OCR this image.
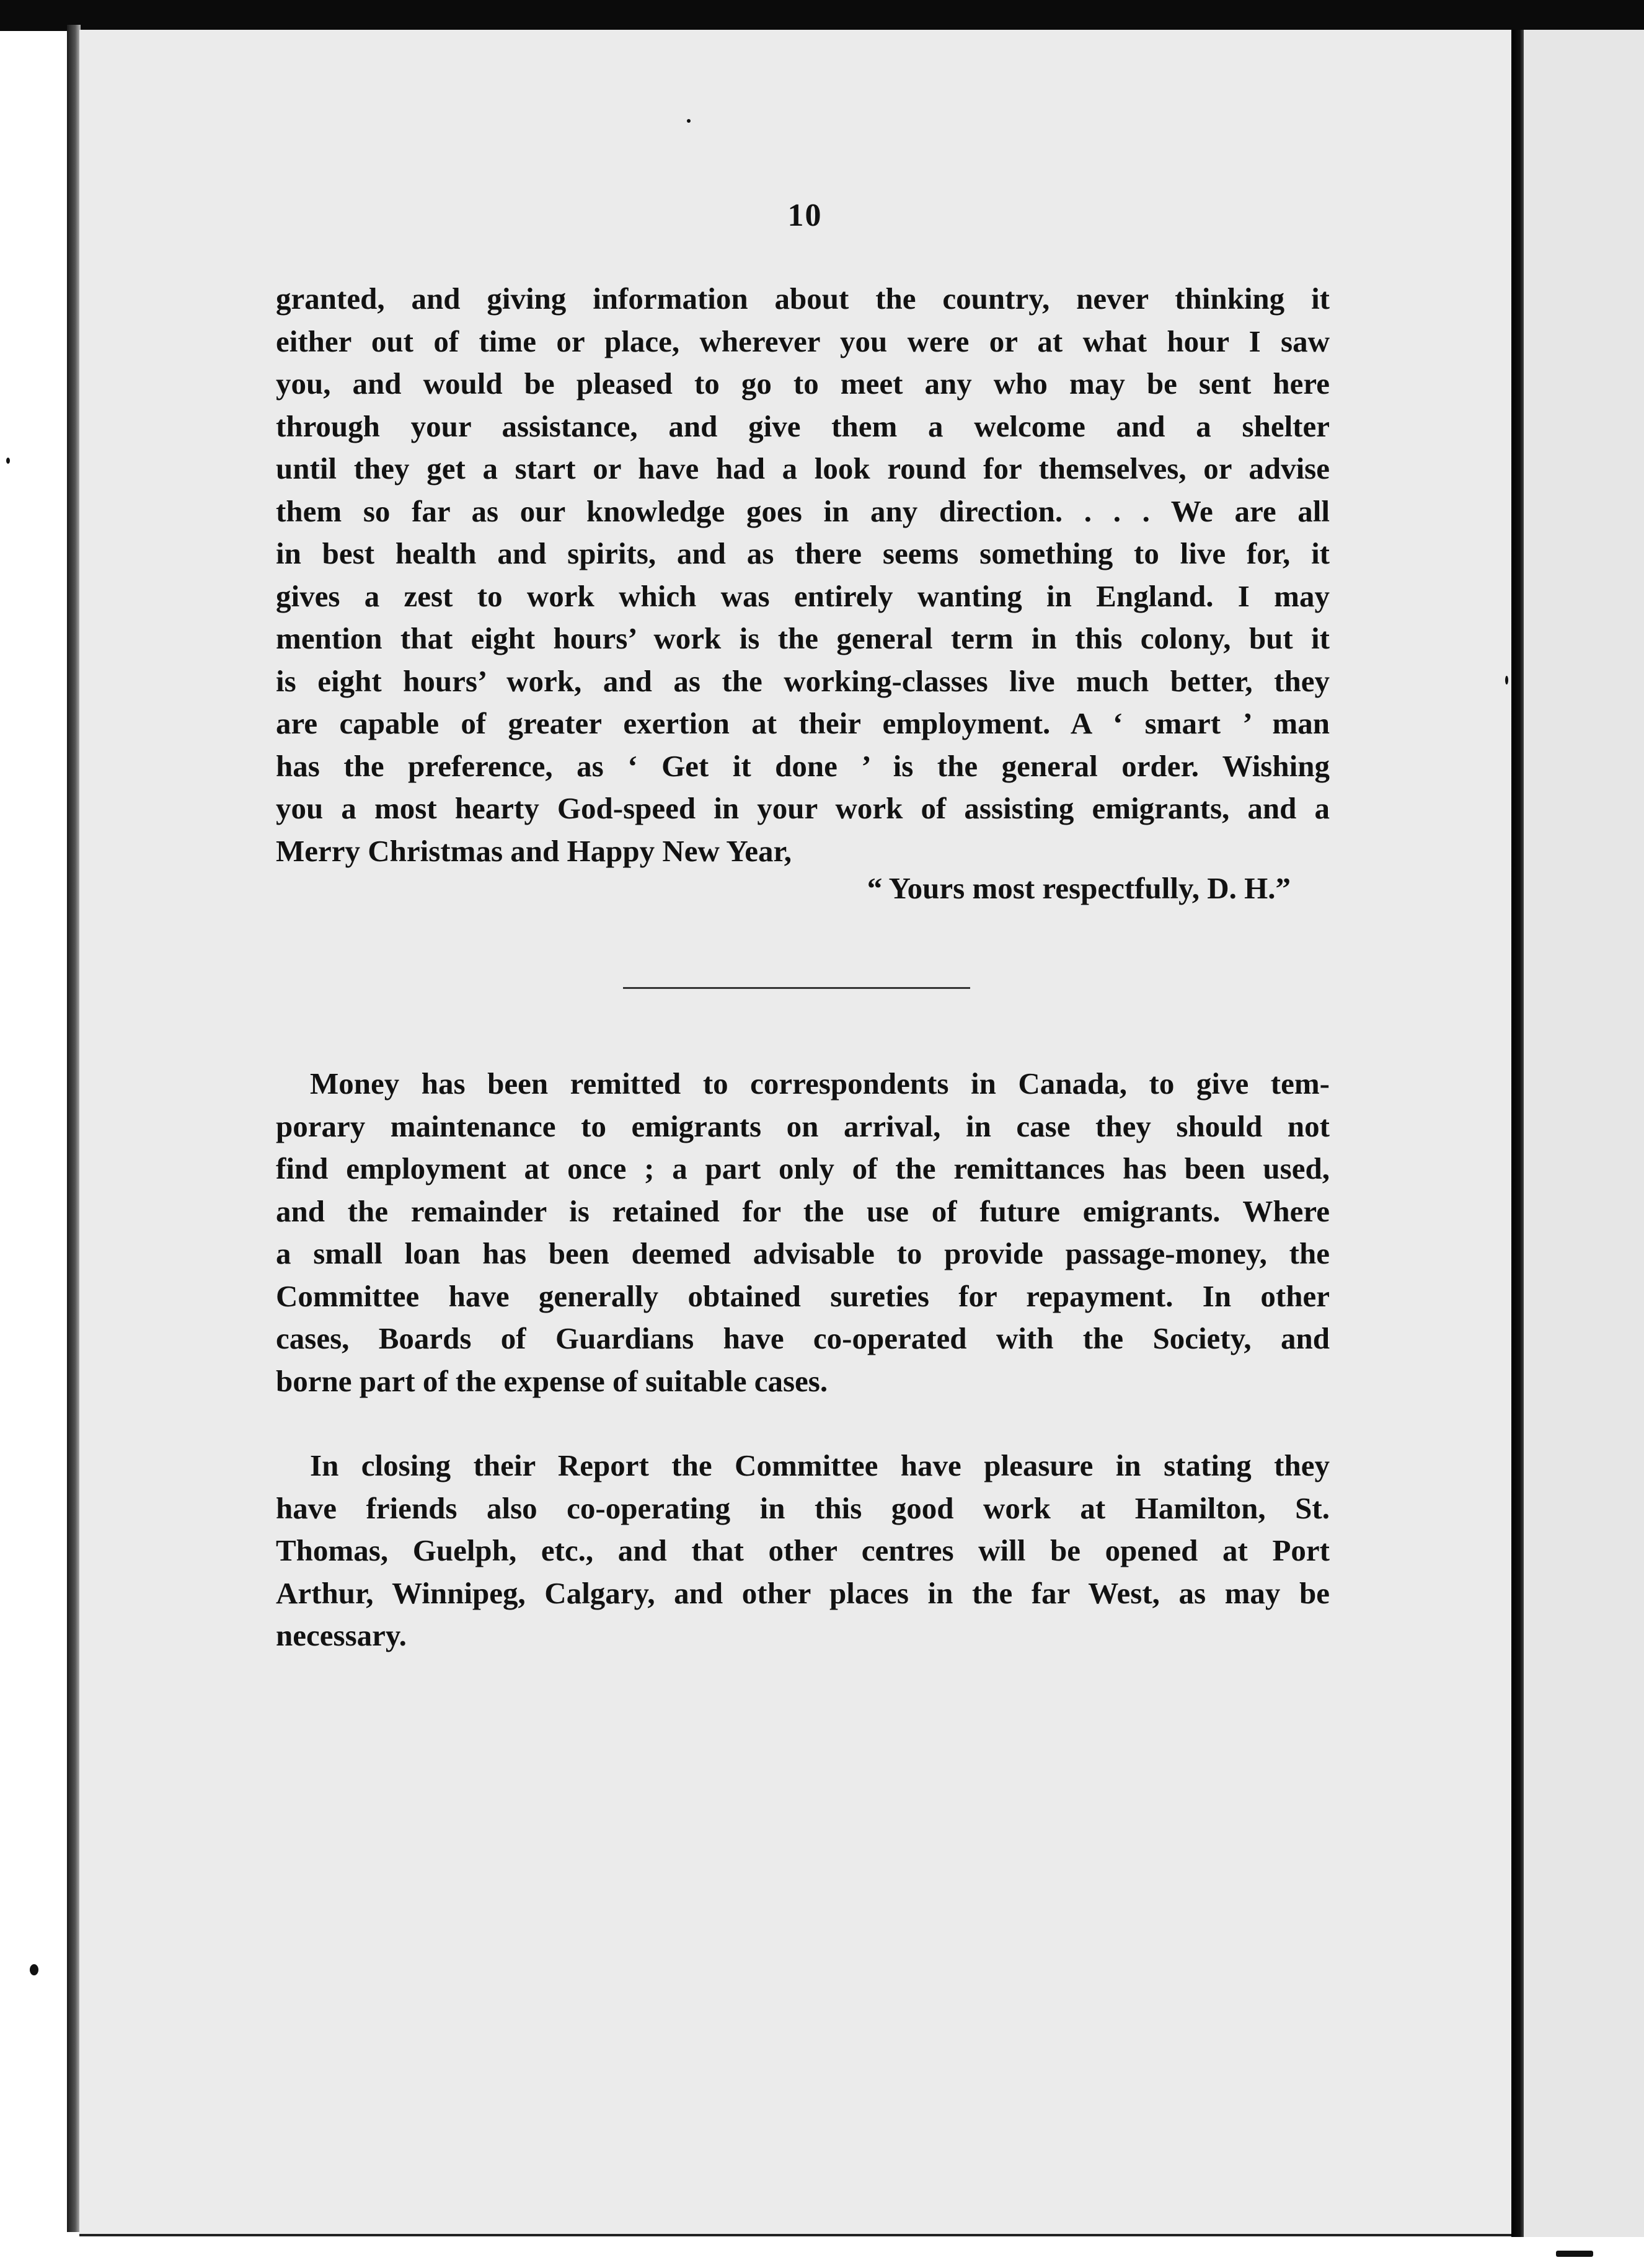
10
granted, and giving information about the country, never thinking it
either out of time or place, wherever you were or at what hour I saw
you, and would be pleased to go to meet any who may be sent here
through your assistance, and give them a welcome and a shelter
until they get a start or have had a look round for themselves, or advise
them so far as our knowledge goes in any direction. . . . We are all
in best health and spirits, and as there seems something to live for, it
gives a zest to work which was entirely wanting in England. I may
mention that eight hours’ work is the general term in this colony, but it
is eight hours’ work, and as the working-classes live much better, they
are capable of greater exertion at their employment. A ‘ smart ’ man
has the preference, as ‘ Get it done ’ is the general order. Wishing
you a most hearty God-speed in your work of assisting emigrants, and a
Merry Christmas and Happy New Year,
“ Yours most respectfully, D. H.”
Money has been remitted to correspondents in Canada, to give tem-
porary maintenance to emigrants on arrival, in case they should not
find employment at once ; a part only of the remittances has been used,
and the remainder is retained for the use of future emigrants. Where
a small loan has been deemed advisable to provide passage-money, the
Committee have generally obtained sureties for repayment. In other
cases, Boards of Guardians have co-operated with the Society, and
borne part of the expense of suitable cases.
In closing their Report the Committee have pleasure in stating they
have friends also co-operating in this good work at Hamilton, St.
Thomas, Guelph, etc., and that other centres will be opened at Port
Arthur, Winnipeg, Calgary, and other places in the far West, as may be
necessary.
